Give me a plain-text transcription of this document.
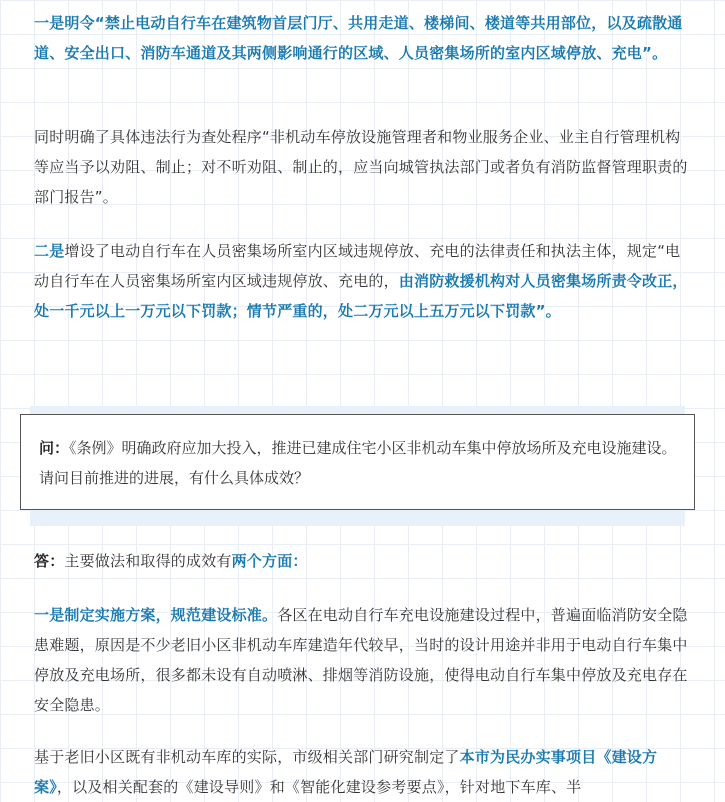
一是明令“禁止电动自行车在建筑物首层门厅、共用走道、楼梯间、楼道等共用部位，以及疏散通道、安全出口、消防车通道及其两侧影响通行的区域、人员密集场所的室内区域停放、充电”。
同时明确了具体违法行为查处程序“非机动车停放设施管理者和物业服务企业、业主自行管理机构等应当予以劝阻、制止；对不听劝阻、制止的，应当向城管执法部门或者负有消防监督管理职责的部门报告”。
二是增设了电动自行车在人员密集场所室内区域违规停放、充电的法律责任和执法主体，规定“电动自行车在人员密集场所室内区域违规停放、充电的，由消防救援机构对人员密集场所责令改正，处一千元以上一万元以下罚款；情节严重的，处二万元以上五万元以下罚款”。
问：《条例》明确政府应加大投入，推进已建成住宅小区非机动车集中停放场所及充电设施建设。请问目前推进的进展，有什么具体成效？
答：主要做法和取得的成效有两个方面：
一是制定实施方案，规范建设标准。各区在电动自行车充电设施建设过程中，普遍面临消防安全隐患难题，原因是不少老旧小区非机动车库建造年代较早，当时的设计用途并非用于电动自行车集中停放及充电场所，很多都未设有自动喷淋、排烟等消防设施，使得电动自行车集中停放及充电存在安全隐患。
基于老旧小区既有非机动车库的实际，市级相关部门研究制定了本市为民办实事项目《建设方案》，以及相关配套的《建设导则》和《智能化建设参考要点》，针对地下车库、半
